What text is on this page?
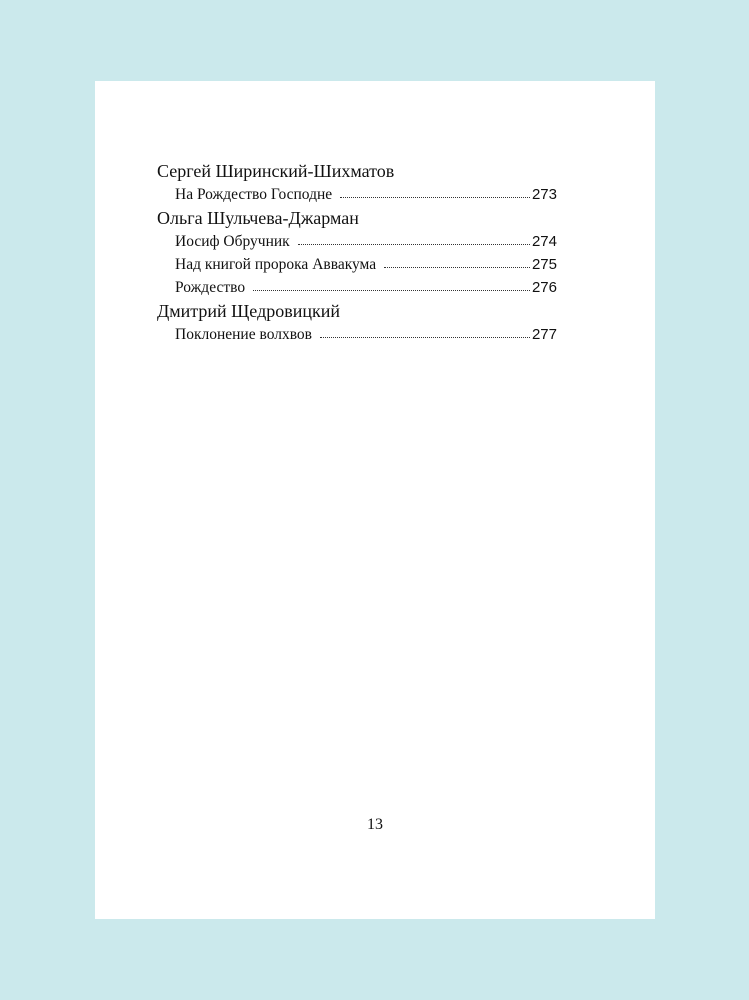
Сергей Ширинский-Шихматов
На Рождество Господне	273
Ольга Шульчева-Джарман
Иосиф Обручник	274
Над книгой пророка Аввакума	275
Рождество	276
Дмитрий Щедровицкий
Поклонение волхвов	277
13
